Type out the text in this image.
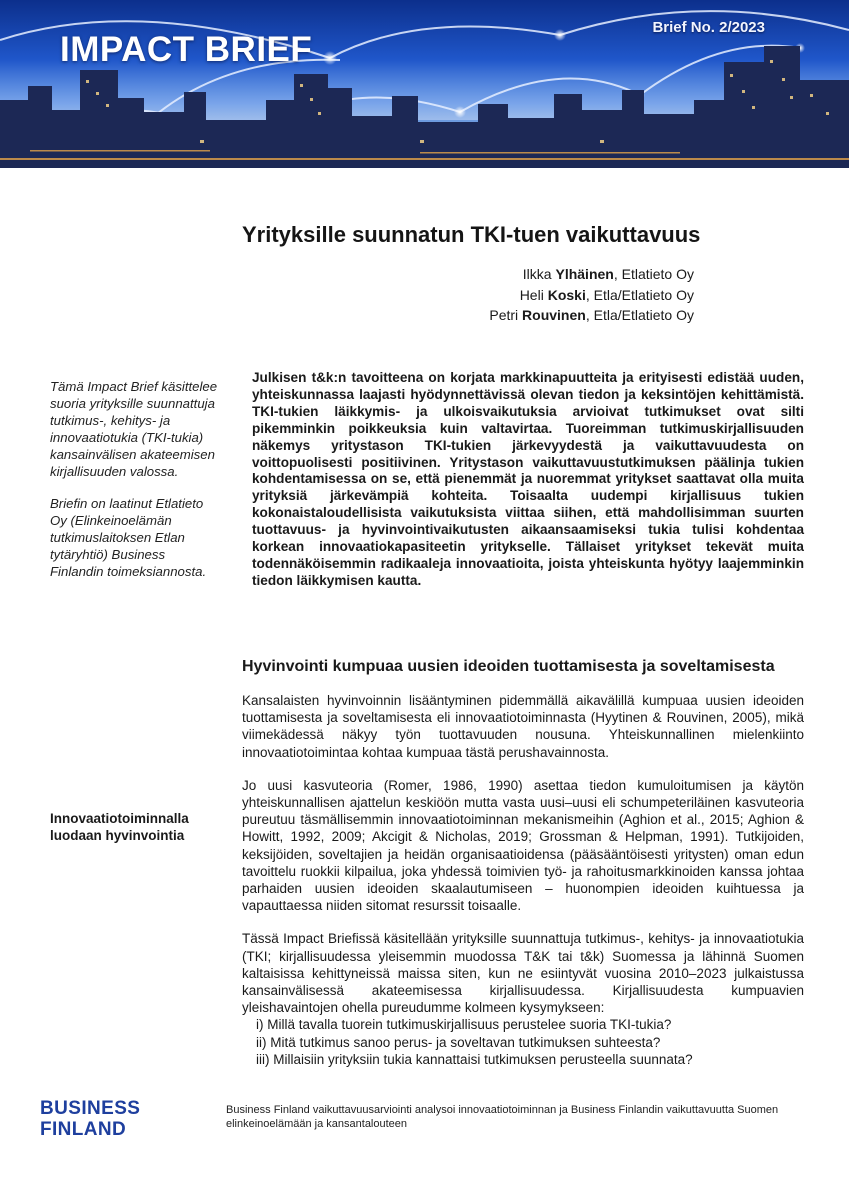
IMPACT BRIEF
Brief No. 2/2023
Yrityksille suunnatun TKI-tuen vaikuttavuus
Ilkka Ylhäinen, Etlatieto Oy
Heli Koski, Etla/Etlatieto Oy
Petri Rouvinen, Etla/Etlatieto Oy

Tämä Impact Brief käsittelee suoria yrityksille suunnattuja tutkimus-, kehitys- ja innovaatiotukia (TKI-tukia) kansainvälisen akateemisen kirjallisuuden valossa.

Briefin on laatinut Etlatieto Oy (Elinkeinoelämän tutkimuslaitoksen Etlan tytäryhtiö) Business Finlandin toimeksiannosta.

Julkisen t&k:n tavoitteena on korjata markkinapuutteita ja erityisesti edistää uuden, yhteiskunnassa laajasti hyödynnettävissä olevan tiedon ja keksintöjen kehittämistä. TKI-tukien läikkymis- ja ulkoisvaikutuksia arvioivat tutkimukset ovat silti pikemminkin poikkeuksia kuin valtavirtaa. Tuoreimman tutkimuskirjallisuuden näkemys yritystason TKI-tukien järkevyydestä ja vaikuttavuudesta on voittopuolisesti positiivinen. Yritystason vaikuttavuustutkimuksen päälinja tukien kohdentamisessa on se, että pienemmät ja nuoremmat yritykset saattavat olla muita yrityksiä järkevämpiä kohteita. Toisaalta uudempi kirjallisuus tukien kokonaistaloudellisista vaikutuksista viittaa siihen, että mahdollisimman suurten tuottavuus- ja hyvinvointivaikutusten aikaansaamiseksi tukia tulisi kohdentaa korkean innovaatiokapasiteetin yritykselle. Tällaiset yritykset tekevät muita todennäköisemmin radikaaleja innovaatioita, joista yhteiskunta hyötyy laajemminkin tiedon läikkymisen kautta.

Hyvinvointi kumpuaa uusien ideoiden tuottamisesta ja soveltamisesta
Innovaatiotoiminnalla luodaan hyvinvointia

Kansalaisten hyvinvoinnin lisääntyminen pidemmällä aikavälillä kumpuaa uusien ideoiden tuottamisesta ja soveltamisesta eli innovaatiotoiminnasta (Hyytinen & Rouvinen, 2005), mikä viimekädessä näkyy työn tuottavuuden nousuna. Yhteiskunnallinen mielenkiinto innovaatiotoimintaa kohtaa kumpuaa tästä perushavainnosta.

Jo uusi kasvuteoria (Romer, 1986, 1990) asettaa tiedon kumuloitumisen ja käytön yhteiskunnallisen ajattelun keskiöön mutta vasta uusi–uusi eli schumpeteriläinen kasvuteoria pureutuu täsmällisemmin innovaatiotoiminnan mekanismeihin (Aghion et al., 2015; Aghion & Howitt, 1992, 2009; Akcigit & Nicholas, 2019; Grossman & Helpman, 1991). Tutkijoiden, keksijöiden, soveltajien ja heidän organisaatioidensa (pääsääntöisesti yritysten) oman edun tavoittelu ruokkii kilpailua, joka yhdessä toimivien työ- ja rahoitusmarkkinoiden kanssa johtaa parhaiden uusien ideoiden skaalautumiseen – huonompien ideoiden kuihtuessa ja vapauttaessa niiden sitomat resurssit toisaalle.

Tässä Impact Briefissä käsitellään yrityksille suunnattuja tutkimus-, kehitys- ja innovaatiotukia (TKI; kirjallisuudessa yleisemmin muodossa T&K tai t&k) Suomessa ja lähinnä Suomen kaltaisissa kehittyneissä maissa siten, kun ne esiintyvät vuosina 2010–2023 julkaistussa kansainvälisessä akateemisessa kirjallisuudessa. Kirjallisuudesta kumpuavien yleishavaintojen ohella pureudumme kolmeen kysymykseen:

i) Millä tavalla tuorein tutkimuskirjallisuus perustelee suoria TKI-tukia?
ii) Mitä tutkimus sanoo perus- ja soveltavan tutkimuksen suhteesta?
iii) Millaisiin yrityksiin tukia kannattaisi tutkimuksen perusteella suunnata?
BUSINESS
FINLAND
Business Finland vaikuttavuusarviointi analysoi innovaatiotoiminnan ja Business Finlandin vaikuttavuutta Suomen elinkeinoelämään ja kansantalouteen
